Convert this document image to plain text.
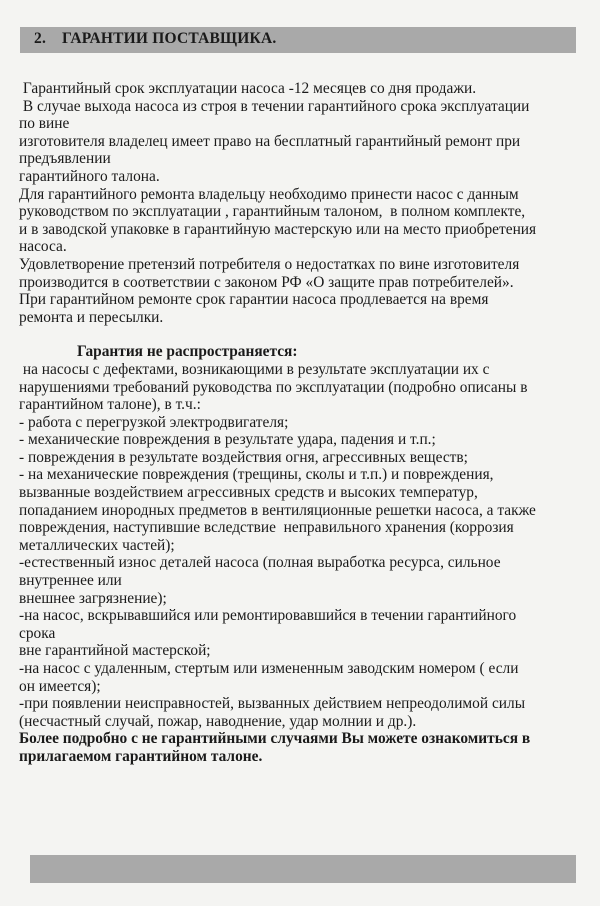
2. ГАРАНТИИ ПОСТАВЩИКА.

Гарантийный срок эксплуатации насоса -12 месяцев со дня продажи.

В случае выхода насоса из строя в течении гарантийного срока эксплуатации

по вине

изготовителя владелец имеет право на бесплатный гарантийный ремонт при

предъявлении

гарантийного талона.

Для гарантийного ремонта владельцу необходимо принести насос с данным

руководством по эксплуатации , гарантийным талоном,  в полном комплекте,

и в заводской упаковке в гарантийную мастерскую или на место приобретения

насоса.

Удовлетворение претензий потребителя о недостатках по вине изготовителя

производится в соответствии с законом РФ «О защите прав потребителей».

При гарантийном ремонте срок гарантии насоса продлевается на время

ремонта и пересылки.

Гарантия не распространяется:

на насосы с дефектами, возникающими в результате эксплуатации их с

нарушениями требований руководства по эксплуатации (подробно описаны в

гарантийном талоне), в т.ч.:

- работа с перегрузкой электродвигателя;

- механические повреждения в результате удара, падения и т.п.;

- повреждения в результате воздействия огня, агрессивных веществ;

- на механические повреждения (трещины, сколы и т.п.) и повреждения,

вызванные воздействием агрессивных средств и высоких температур,

попаданием инородных предметов в вентиляционные решетки насоса, а также

повреждения, наступившие вследствие  неправильного хранения (коррозия

металлических частей);

-естественный износ деталей насоса (полная выработка ресурса, сильное

внутреннее или

внешнее загрязнение);

-на насос, вскрывавшийся или ремонтировавшийся в течении гарантийного

срока

вне гарантийной мастерской;

-на насос с удаленным, стертым или измененным заводским номером ( если

он имеется);

-при появлении неисправностей, вызванных действием непреодолимой силы

(несчастный случай, пожар, наводнение, удар молнии и др.).

Более подробно с не гарантийными случаями Вы можете ознакомиться в

прилагаемом гарантийном талоне.
